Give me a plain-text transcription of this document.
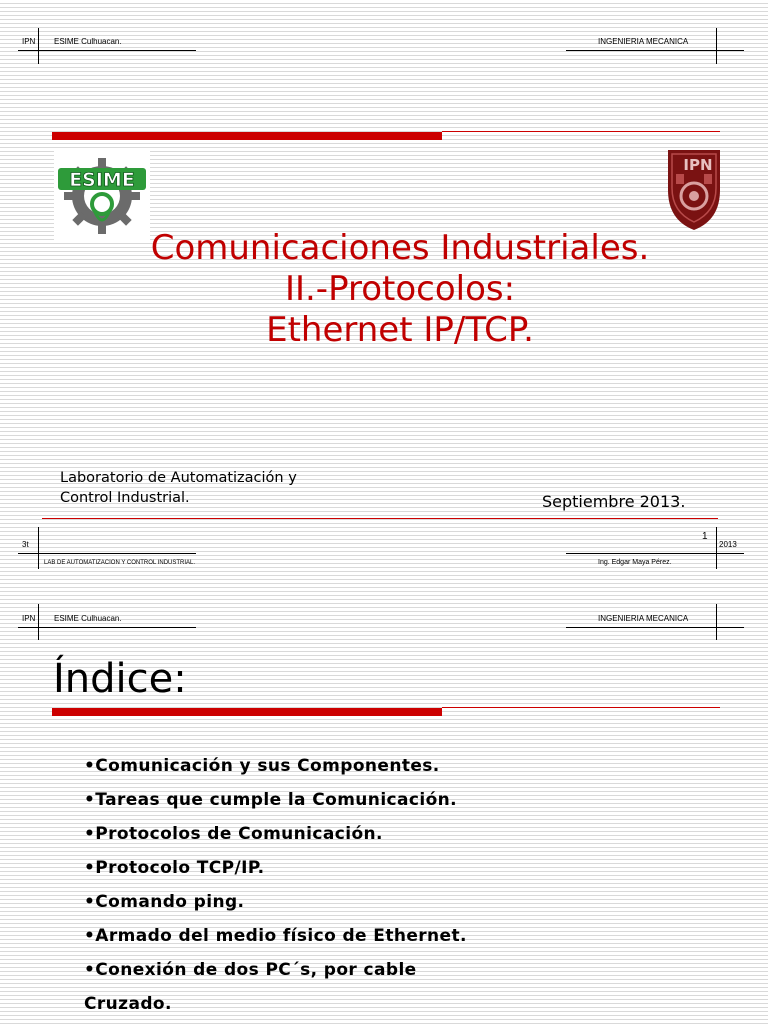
IPN ESIME Culhuacan.	INGENIERIA MECANICA
ESIME
IPN
Comunicaciones Industriales.
II.-Protocolos:
Ethernet IP/TCP.
Laboratorio de Automatización y
Control Industrial.	Septiembre 2013.
3t
LAB DE AUTOMATIZACION Y CONTROL INDUSTRIAL.
1
2013
Ing. Edgar Maya Pérez.
IPN ESIME Culhuacan.	INGENIERIA MECANICA
Índice:
•Comunicación y sus Componentes.
•Tareas que cumple la Comunicación.
•Protocolos de Comunicación.
•Protocolo TCP/IP.
•Comando ping.
•Armado del medio físico de Ethernet.
•Conexión de dos PC´s, por cable
Cruzado.
